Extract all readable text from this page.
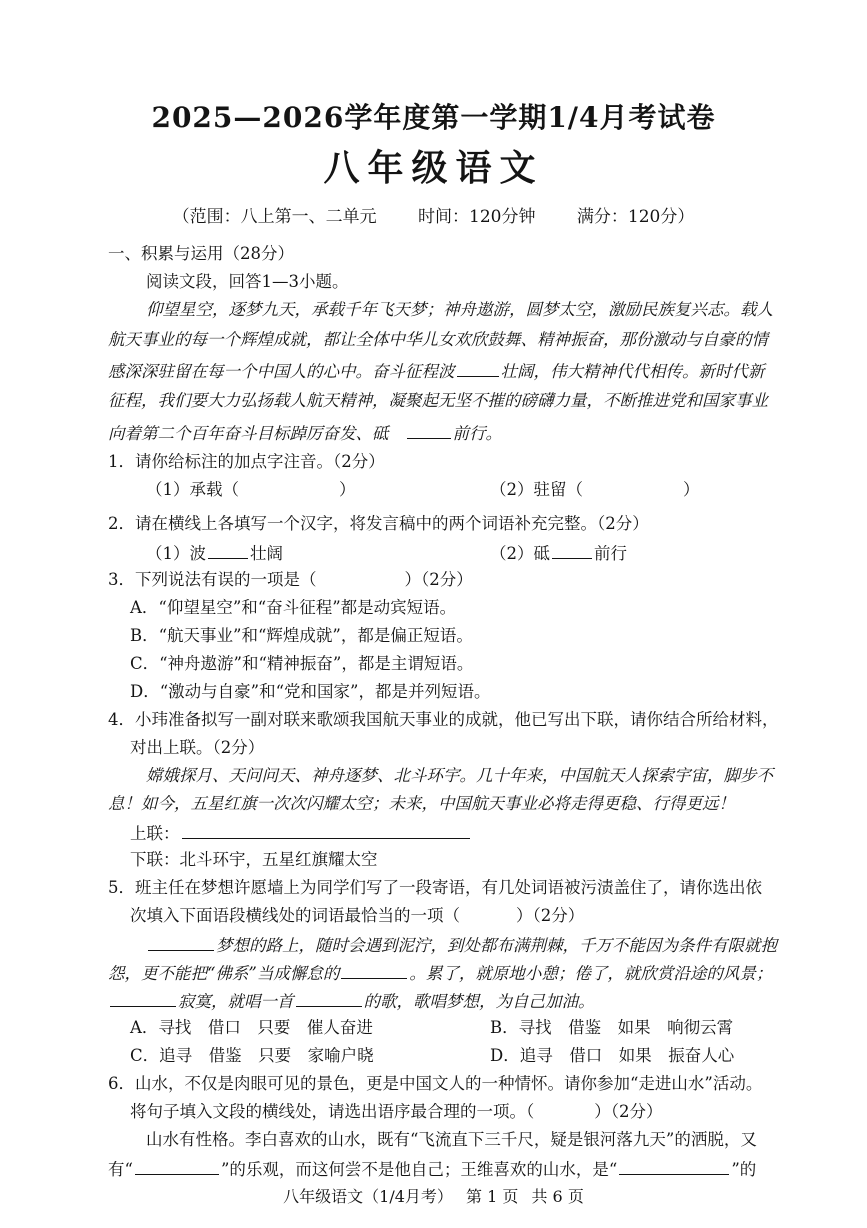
2025—2026学年度第一学期1/4月考试卷
八年级语文
（范围：八上第一、二单元 时间：120分钟 满分：120分）
一、积累与运用（28分）
阅读文段，回答1—3小题。
仰望星空，逐梦九天，承载千年飞天梦；神舟遨游，圆梦太空，激励民族复兴志。载人
航天事业的每一个辉煌成就，都让全体中华儿女欢欣鼓舞、精神振奋，那份激动与自豪的情
感深深驻留在每一个中国人的心中。奋斗征程波	壮阔，伟大精神代代相传。新时代新
征程，我们要大力弘扬载人航天精神，凝聚起无坚不摧的磅礴力量，不断推进党和国家事业
向着第二个百年奋斗目标踔厉奋发、砥	前行。
1．请你给标注的加点字注音。（2分）
（1）承载（	）	（2）驻留（	）
2．请在横线上各填写一个汉字，将发言稿中的两个词语补充完整。（2分）
（1）波	壮阔	（2）砥	前行
3．下列说法有误的一项是（	）（2分）
A．“仰望星空”和“奋斗征程”都是动宾短语。
B．“航天事业”和“辉煌成就”，都是偏正短语。
C．“神舟遨游”和“精神振奋”，都是主谓短语。
D．“激动与自豪”和“党和国家”，都是并列短语。
4．小玮准备拟写一副对联来歌颂我国航天事业的成就，他已写出下联，请你结合所给材料，
对出上联。（2分）
嫦娥探月、天问问天、神舟逐梦、北斗环宇。几十年来，中国航天人探索宇宙，脚步不
息！如今，五星红旗一次次闪耀太空；未来，中国航天事业必将走得更稳、行得更远！
上联：
下联：北斗环宇，五星红旗耀太空
5．班主任在梦想许愿墙上为同学们写了一段寄语，有几处词语被污渍盖住了，请你选出依
次填入下面语段横线处的词语最恰当的一项（	）（2分）
梦想的路上，随时会遇到泥泞，到处都布满荆棘，千万不能因为条件有限就抱
怨，更不能把“佛系”当成懈怠的	。累了，就原地小憩；倦了，就欣赏沿途的风景；
寂寞，就唱一首	的歌，歌唱梦想，为自己加油。
A．寻找　借口　只要　催人奋进	B．寻找　借鉴　如果　响彻云霄
C．追寻　借鉴　只要　家喻户晓	D．追寻　借口　如果　振奋人心
6．山水，不仅是肉眼可见的景色，更是中国文人的一种情怀。请你参加“走进山水”活动。
将句子填入文段的横线处，请选出语序最合理的一项。（	）（2分）
山水有性格。李白喜欢的山水，既有“飞流直下三千尺，疑是银河落九天”的洒脱，又
有“	”的乐观，而这何尝不是他自己；王维喜欢的山水，是“	”的
八年级语文（1/4月考） 第 1 页 共 6 页
